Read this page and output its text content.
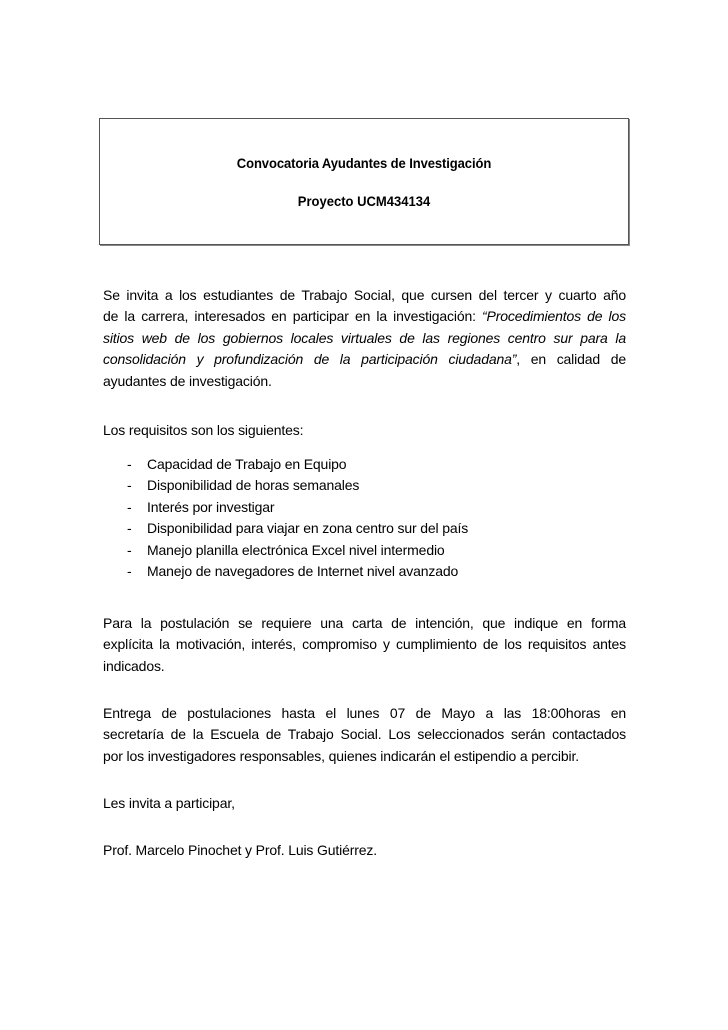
Convocatoria Ayudantes de Investigación
Proyecto UCM434134
Se invita a los estudiantes de Trabajo Social, que cursen del tercer y cuarto año
de la carrera, interesados en participar en la investigación: “Procedimientos de los
sitios web de los gobiernos locales virtuales de las regiones centro sur para la
consolidación y profundización de la participación ciudadana”, en calidad de
ayudantes de investigación.
Los requisitos son los siguientes:
- Capacidad de Trabajo en Equipo
- Disponibilidad de horas semanales
- Interés por investigar
- Disponibilidad para viajar en zona centro sur del país
- Manejo planilla electrónica Excel nivel intermedio
- Manejo de navegadores de Internet nivel avanzado
Para la postulación se requiere una carta de intención, que indique en forma
explícita la motivación, interés, compromiso y cumplimiento de los requisitos antes
indicados.
Entrega de postulaciones hasta el lunes 07 de Mayo a las 18:00horas en
secretaría de la Escuela de Trabajo Social. Los seleccionados serán contactados
por los investigadores responsables, quienes indicarán el estipendio a percibir.
Les invita a participar,
Prof. Marcelo Pinochet y Prof. Luis Gutiérrez.
